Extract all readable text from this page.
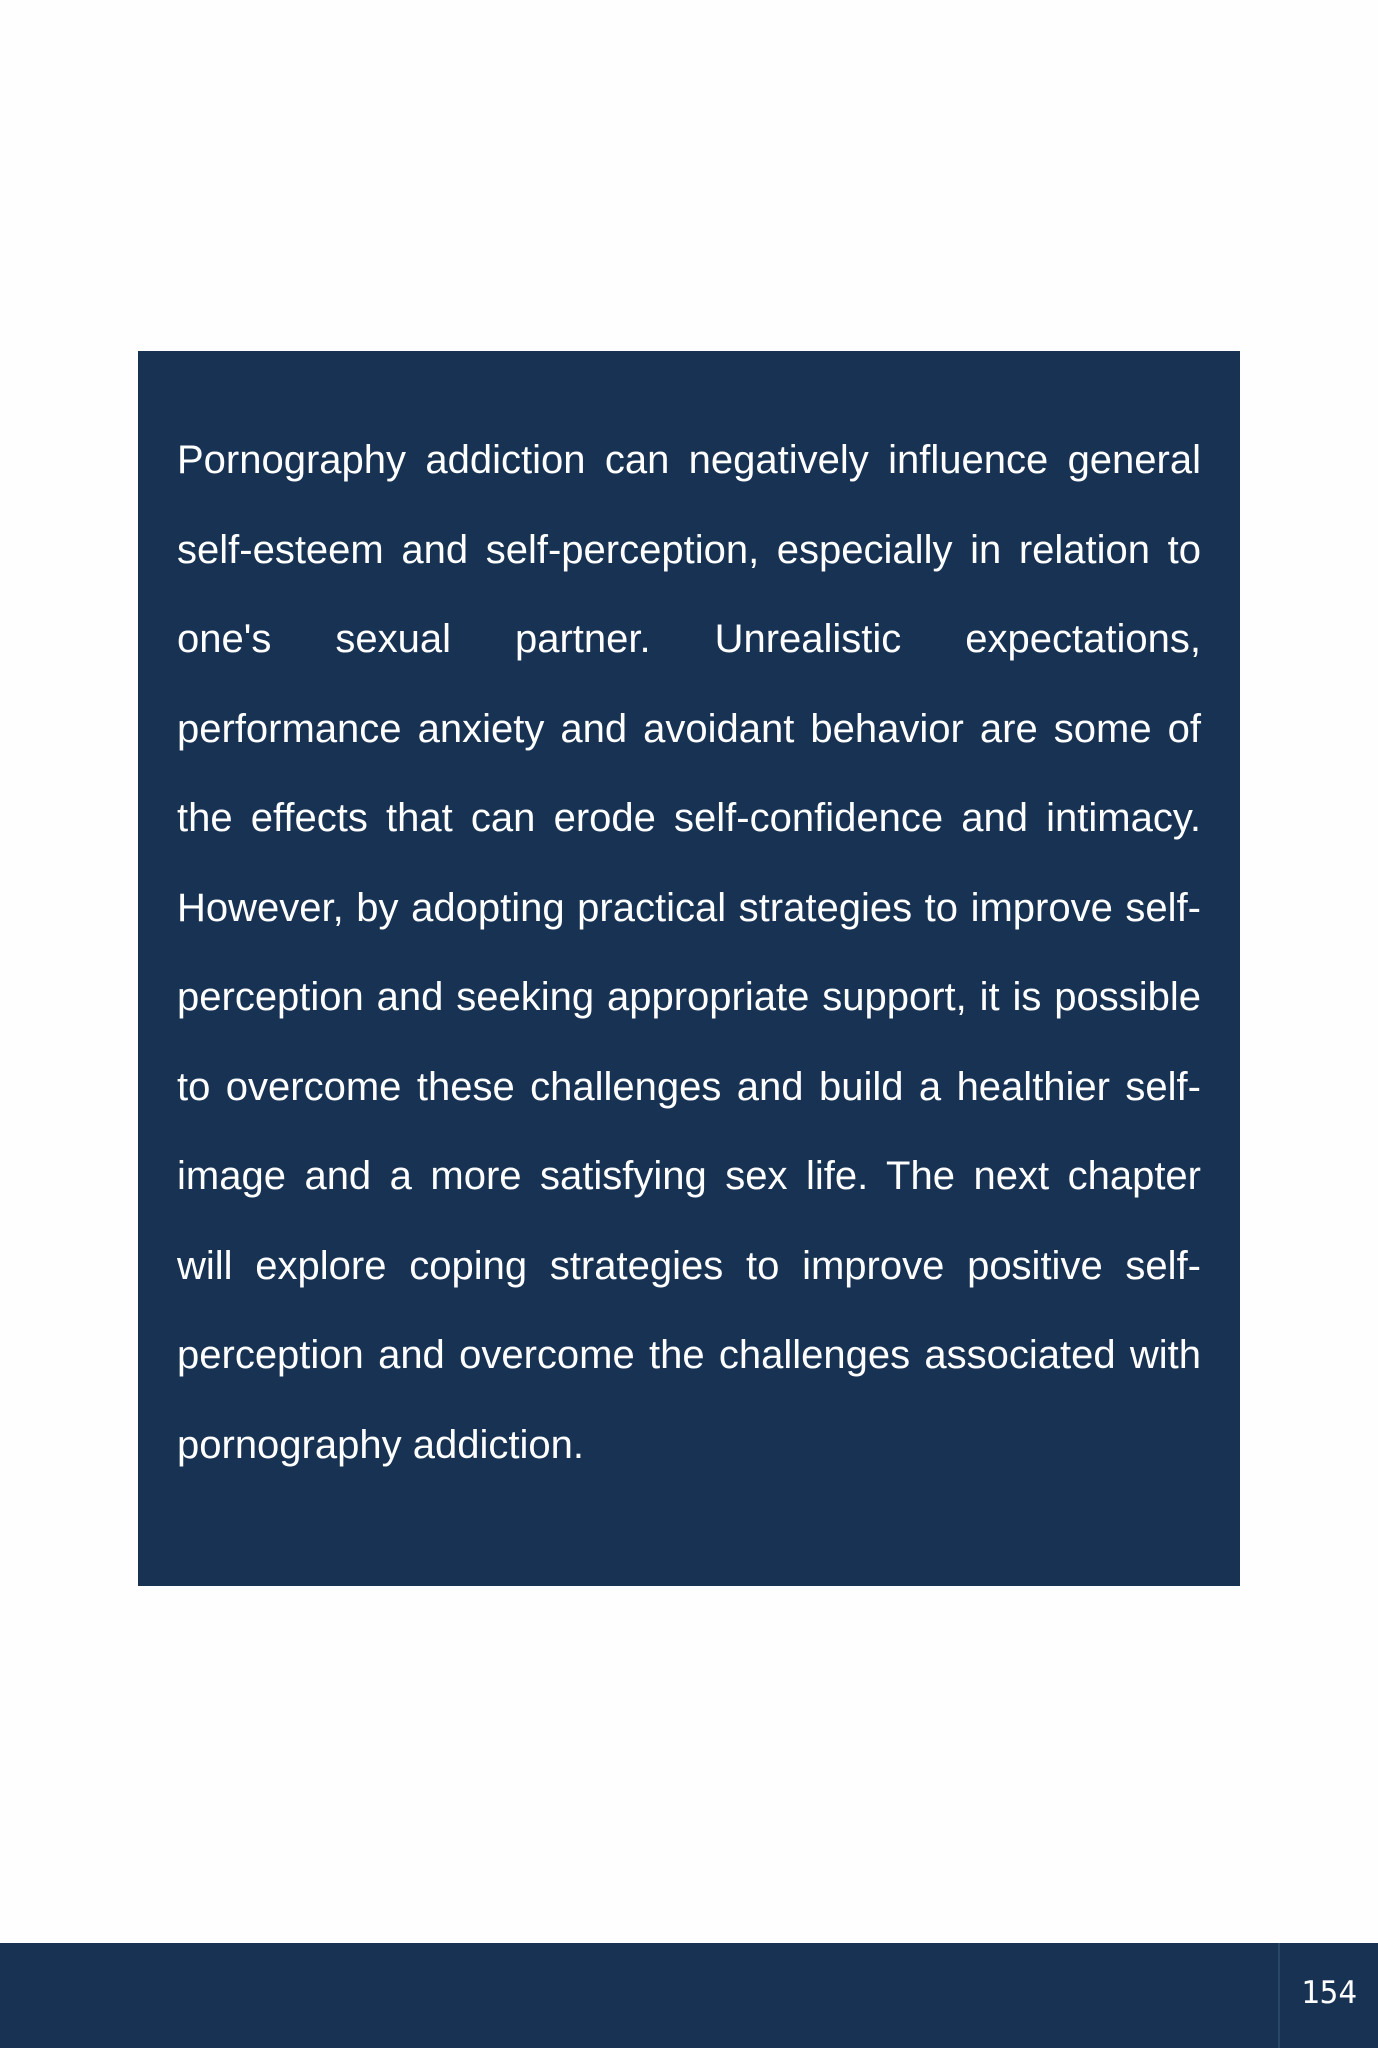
Pornography addiction can negatively influence general self-esteem and self-perception, especially in relation to one's sexual partner. Unrealistic expectations, performance anxiety and avoidant behavior are some of the effects that can erode self-confidence and intimacy. However, by adopting practical strategies to improve self-perception and seeking appropriate support, it is possible to overcome these challenges and build a healthier self-image and a more satisfying sex life. The next chapter will explore coping strategies to improve positive self-perception and overcome the challenges associated with pornography addiction.

154
